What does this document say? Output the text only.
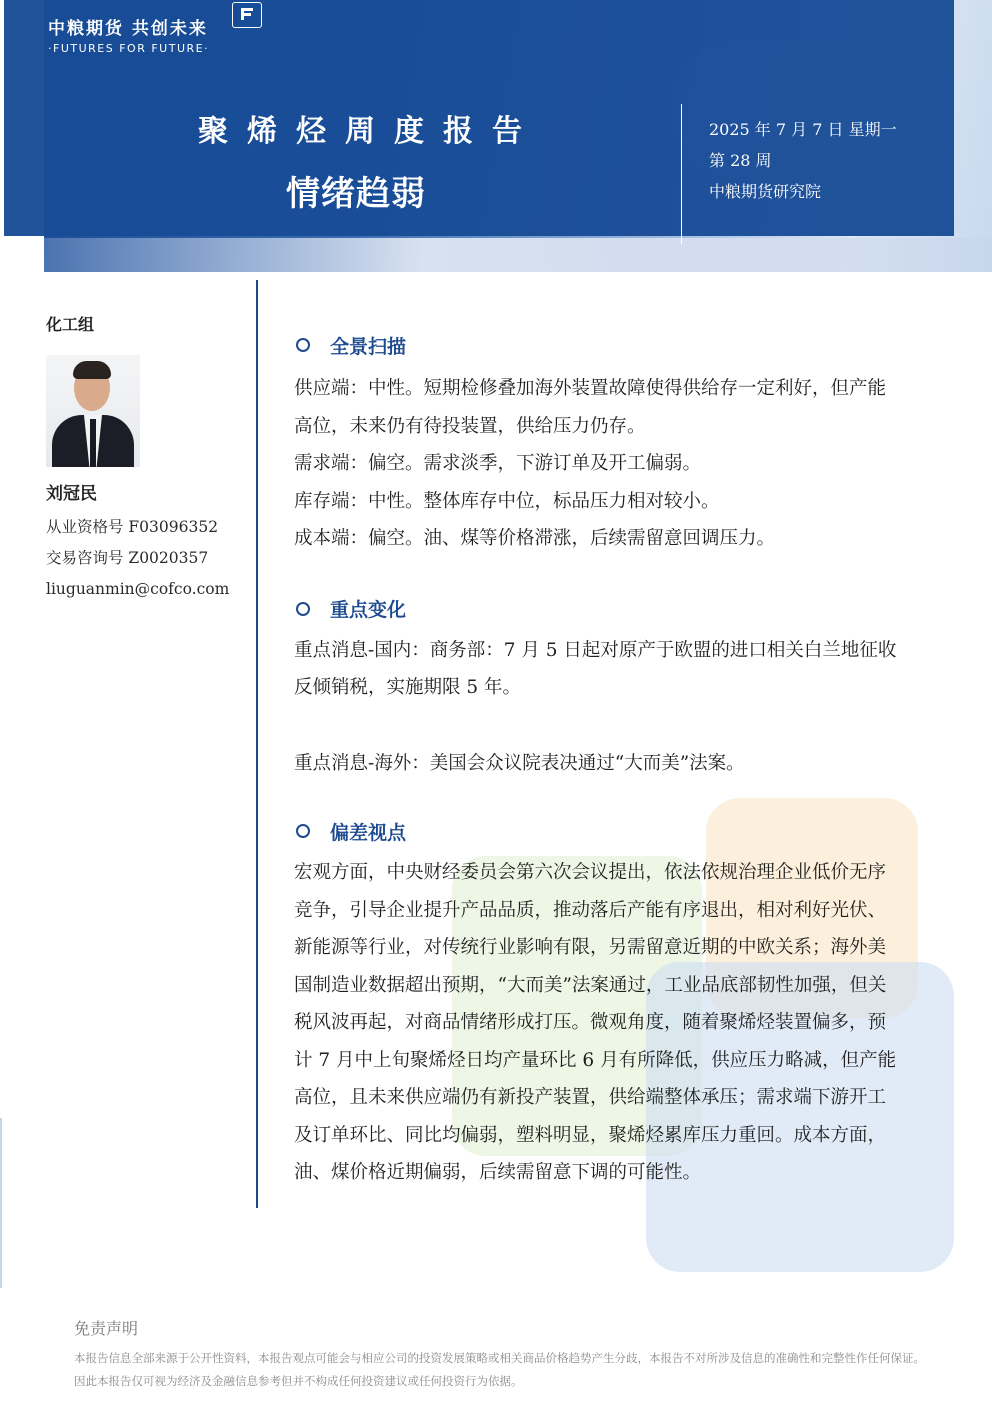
中粮期货 共创未来
·FUTURES FOR FUTURE·
聚烯烃周度报告
情绪趋弱
2025 年 7 月 7 日 星期一
第 28 周
中粮期货研究院
化工组
刘冠民
从业资格号 F03096352
交易咨询号 Z0020357
liuguanmin@cofco.com
全景扫描

供应端：中性。短期检修叠加海外装置故障使得供给存一定利好，但产能高位，未来仍有待投装置，供给压力仍存。

需求端：偏空。需求淡季，下游订单及开工偏弱。

库存端：中性。整体库存中位，标品压力相对较小。

成本端：偏空。油、煤等价格滞涨，后续需留意回调压力。

重点变化

重点消息-国内：商务部：7 月 5 日起对原产于欧盟的进口相关白兰地征收反倾销税，实施期限 5 年。

重点消息-海外：美国会众议院表决通过“大而美”法案。

偏差视点

宏观方面，中央财经委员会第六次会议提出，依法依规治理企业低价无序竞争，引导企业提升产品品质，推动落后产能有序退出，相对利好光伏、新能源等行业，对传统行业影响有限，另需留意近期的中欧关系；海外美国制造业数据超出预期，“大而美”法案通过，工业品底部韧性加强，但关税风波再起，对商品情绪形成打压。微观角度，随着聚烯烃装置偏多，预计 7 月中上旬聚烯烃日均产量环比 6 月有所降低，供应压力略减，但产能高位，且未来供应端仍有新投产装置，供给端整体承压；需求端下游开工及订单环比、同比均偏弱，塑料明显，聚烯烃累库压力重回。成本方面，油、煤价格近期偏弱，后续需留意下调的可能性。

免责声明
本报告信息全部来源于公开性资料，本报告观点可能会与相应公司的投资发展策略或相关商品价格趋势产生分歧，本报告不对所涉及信息的准确性和完整性作任何保证。因此本报告仅可视为经济及金融信息参考但并不构成任何投资建议或任何投资行为依据。
